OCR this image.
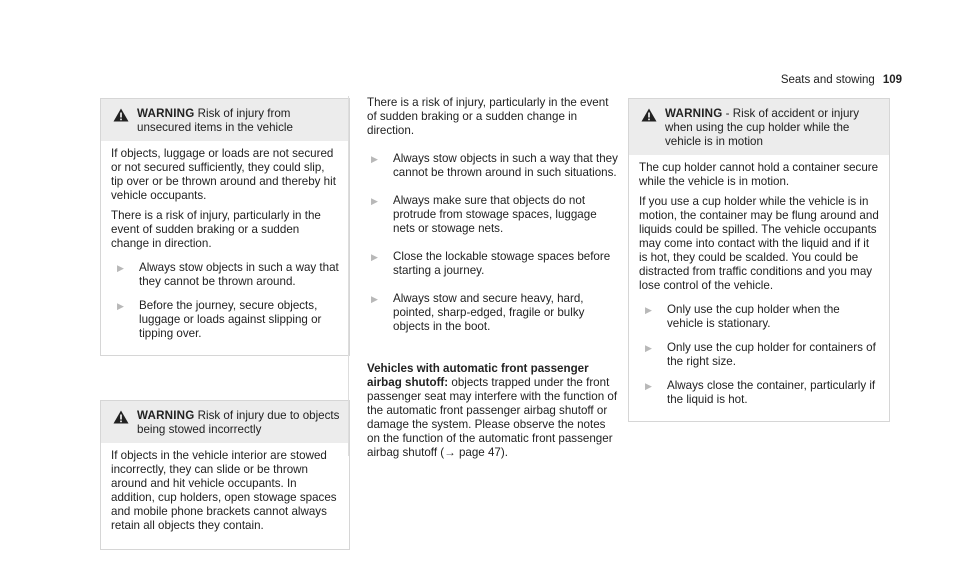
Seats and stowing 109
WARNING Risk of injury from unsecured items in the vehicle

If objects, luggage or loads are not secured or not secured sufficiently, they could slip, tip over or be thrown around and thereby hit vehicle occupants.

There is a risk of injury, particularly in the event of sudden braking or a sudden change in direction.

▶	Always stow objects in such a way that they cannot be thrown around.
▶	Before the journey, secure objects, luggage or loads against slipping or tipping over.
WARNING Risk of injury due to objects being stowed incorrectly

If objects in the vehicle interior are stowed incorrectly, they can slide or be thrown around and hit vehicle occupants. In addition, cup holders, open stowage spaces and mobile phone brackets cannot always retain all objects they contain.

There is a risk of injury, particularly in the event of sudden braking or a sudden change in direction.

▶	Always stow objects in such a way that they cannot be thrown around in such situations.
▶	Always make sure that objects do not protrude from stowage spaces, luggage nets or stowage nets.
▶	Close the lockable stowage spaces before starting a journey.
▶	Always stow and secure heavy, hard, pointed, sharp-edged, fragile or bulky objects in the boot.

Vehicles with automatic front passenger airbag shutoff: objects trapped under the front passenger seat may interfere with the function of the automatic front passenger airbag shutoff or damage the system. Please observe the notes on the function of the automatic front passenger airbag shutoff (→ page 47).

WARNING - Risk of accident or injury when using the cup holder while the vehicle is in motion

The cup holder cannot hold a container secure while the vehicle is in motion.

If you use a cup holder while the vehicle is in motion, the container may be flung around and liquids could be spilled. The vehicle occupants may come into contact with the liquid and if it is hot, they could be scalded. You could be distracted from traffic conditions and you may lose control of the vehicle.

▶	Only use the cup holder when the vehicle is stationary.
▶	Only use the cup holder for containers of the right size.
▶	Always close the container, particularly if the liquid is hot.
